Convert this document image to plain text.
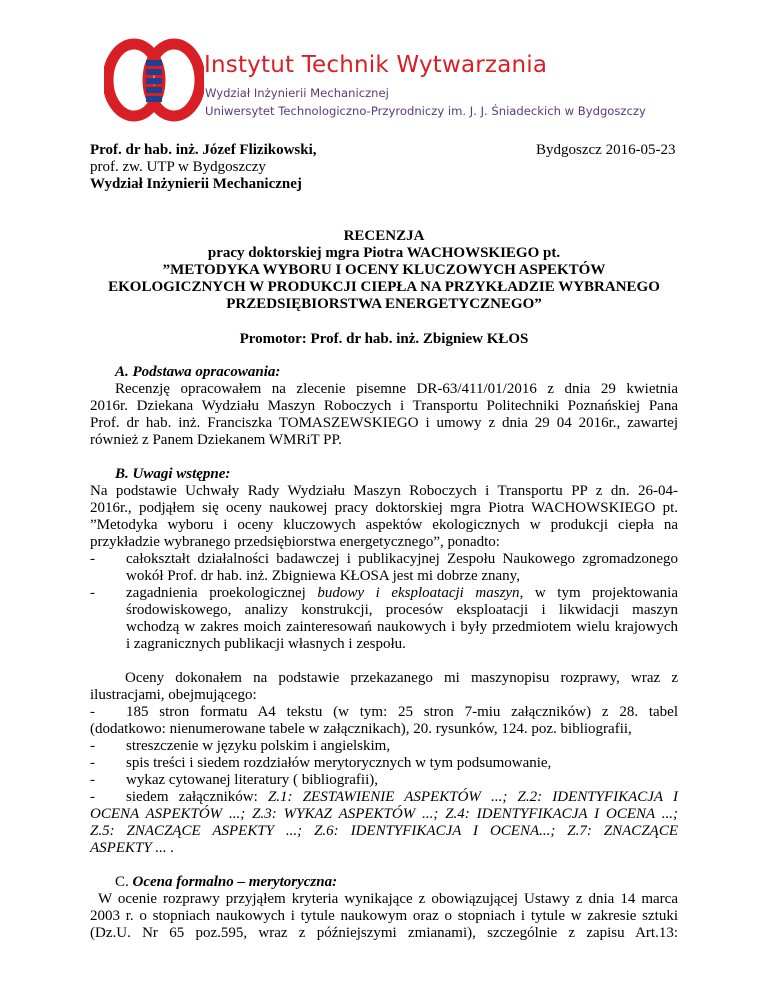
Instytut Technik Wytwarzania
Wydział Inżynierii Mechanicznej
Uniwersytet Technologiczno-Przyrodniczy im. J. J. Śniadeckich w Bydgoszczy
Prof. dr hab. inż. Józef Flizikowski,
prof. zw. UTP w Bydgoszczy
Wydział Inżynierii Mechanicznej
Bydgoszcz 2016-05-23
RECENZJA
pracy doktorskiej mgra Piotra WACHOWSKIEGO pt.
”METODYKA WYBORU I OCENY KLUCZOWYCH ASPEKTÓW
EKOLOGICZNYCH W PRODUKCJI CIEPŁA NA PRZYKŁADZIE WYBRANEGO
PRZEDSIĘBIORSTWA ENERGETYCZNEGO”
Promotor: Prof. dr hab. inż. Zbigniew KŁOS
A. Podstawa opracowania:
Recenzję opracowałem na zlecenie pisemne DR-63/411/01/2016 z dnia 29 kwietnia
2016r. Dziekana Wydziału Maszyn Roboczych i Transportu Politechniki Poznańskiej Pana
Prof. dr hab. inż. Franciszka TOMASZEWSKIEGO i umowy z dnia 29 04 2016r., zawartej
również z Panem Dziekanem WMRiT PP.
B. Uwagi wstępne:
Na podstawie Uchwały Rady Wydziału Maszyn Roboczych i Transportu PP z dn. 26-04-
2016r., podjąłem się oceny naukowej pracy doktorskiej mgra Piotra WACHOWSKIEGO pt.
”Metodyka wyboru i oceny kluczowych aspektów ekologicznych w produkcji ciepła na
przykładzie wybranego przedsiębiorstwa energetycznego”, ponadto:
- całokształt działalności badawczej i publikacyjnej Zespołu Naukowego zgromadzonego
wokół Prof. dr hab. inż. Zbigniewa KŁOSA jest mi dobrze znany,
- zagadnienia proekologicznej budowy i eksploatacji maszyn, w tym projektowania
środowiskowego, analizy konstrukcji, procesów eksploatacji i likwidacji maszyn
wchodzą w zakres moich zainteresowań naukowych i były przedmiotem wielu krajowych
i zagranicznych publikacji własnych i zespołu.
Oceny dokonałem na podstawie przekazanego mi maszynopisu rozprawy, wraz z
ilustracjami, obejmującego:
- 185 stron formatu A4 tekstu (w tym: 25 stron 7-miu załączników) z 28. tabel
(dodatkowo: nienumerowane tabele w załącznikach), 20. rysunków, 124. poz. bibliografii,
- streszczenie w języku polskim i angielskim,
- spis treści i siedem rozdziałów merytorycznych w tym podsumowanie,
- wykaz cytowanej literatury ( bibliografii),
- siedem załączników: Z.1: ZESTAWIENIE ASPEKTÓW ...; Z.2: IDENTYFIKACJA I
OCENA ASPEKTÓW ...; Z.3: WYKAZ ASPEKTÓW ...; Z.4: IDENTYFIKACJA I OCENA ...;
Z.5: ZNACZĄCE ASPEKTY ...; Z.6: IDENTYFIKACJA I OCENA...; Z.7: ZNACZĄCE
ASPEKTY ... .
C. Ocena formalno – merytoryczna:
W ocenie rozprawy przyjąłem kryteria wynikające z obowiązującej Ustawy z dnia 14 marca
2003 r. o stopniach naukowych i tytule naukowym oraz o stopniach i tytule w zakresie sztuki
(Dz.U. Nr 65 poz.595, wraz z późniejszymi zmianami), szczególnie z zapisu Art.13:
